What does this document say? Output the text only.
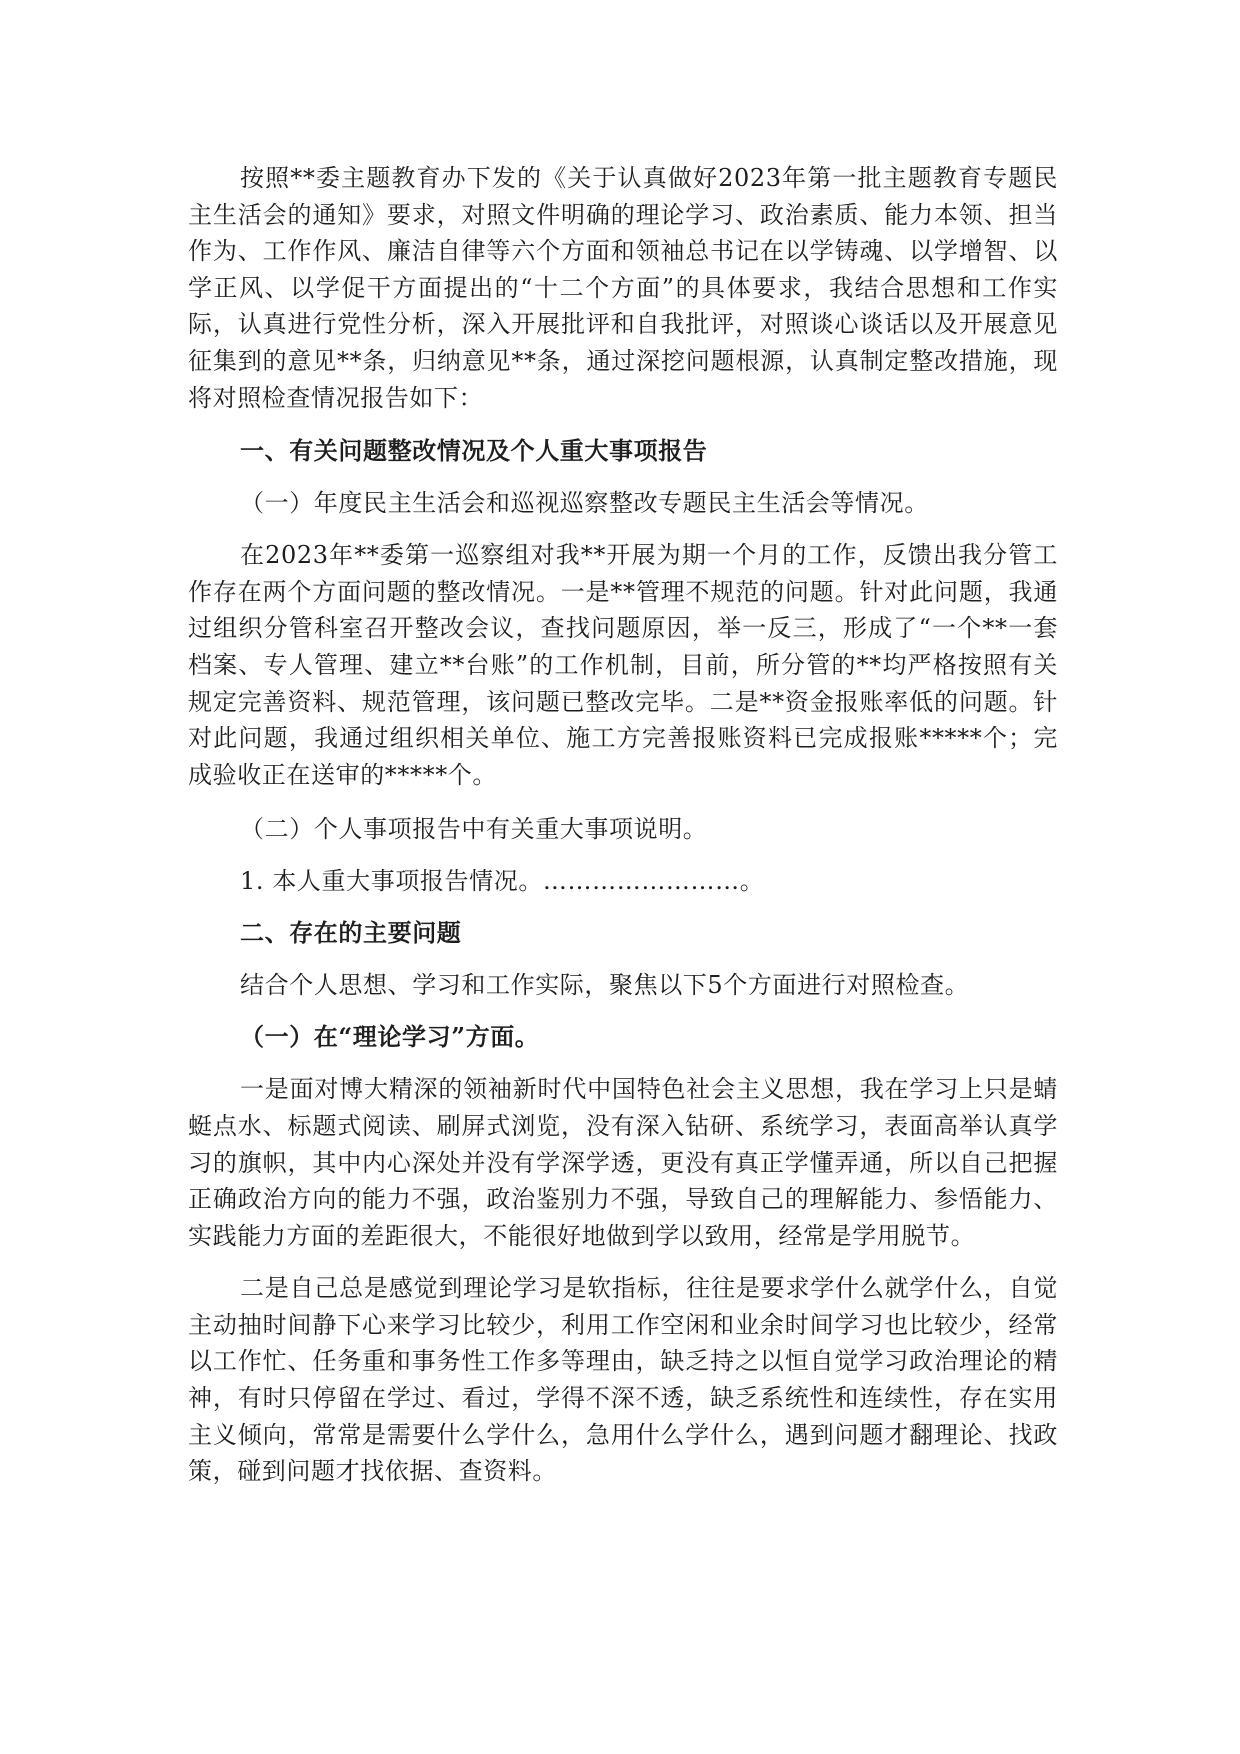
按照**委主题教育办下发的《关于认真做好2023年第一批主题教育专题民主生活会的通知》要求，对照文件明确的理论学习、政治素质、能力本领、担当作为、工作作风、廉洁自律等六个方面和领袖总书记在以学铸魂、以学增智、以学正风、以学促干方面提出的“十二个方面”的具体要求，我结合思想和工作实际，认真进行党性分析，深入开展批评和自我批评，对照谈心谈话以及开展意见征集到的意见**条，归纳意见**条，通过深挖问题根源，认真制定整改措施，现将对照检查情况报告如下：

一、有关问题整改情况及个人重大事项报告

（一）年度民主生活会和巡视巡察整改专题民主生活会等情况。

在2023年**委第一巡察组对我**开展为期一个月的工作，反馈出我分管工作存在两个方面问题的整改情况。一是**管理不规范的问题。针对此问题，我通过组织分管科室召开整改会议，查找问题原因，举一反三，形成了“一个**一套档案、专人管理、建立**台账”的工作机制，目前，所分管的**均严格按照有关规定完善资料、规范管理，该问题已整改完毕。二是**资金报账率低的问题。针对此问题，我通过组织相关单位、施工方完善报账资料已完成报账*****个；完成验收正在送审的*****个。

（二）个人事项报告中有关重大事项说明。

1. 本人重大事项报告情况。……………………。

二、存在的主要问题

结合个人思想、学习和工作实际，聚焦以下5个方面进行对照检查。

（一）在“理论学习”方面。

一是面对博大精深的领袖新时代中国特色社会主义思想，我在学习上只是蜻蜓点水、标题式阅读、刷屏式浏览，没有深入钻研、系统学习，表面高举认真学习的旗帜，其中内心深处并没有学深学透，更没有真正学懂弄通，所以自己把握正确政治方向的能力不强，政治鉴别力不强，导致自己的理解能力、参悟能力、实践能力方面的差距很大，不能很好地做到学以致用，经常是学用脱节。

二是自己总是感觉到理论学习是软指标，往往是要求学什么就学什么，自觉主动抽时间静下心来学习比较少，利用工作空闲和业余时间学习也比较少，经常以工作忙、任务重和事务性工作多等理由，缺乏持之以恒自觉学习政治理论的精神，有时只停留在学过、看过，学得不深不透，缺乏系统性和连续性，存在实用主义倾向，常常是需要什么学什么，急用什么学什么，遇到问题才翻理论、找政策，碰到问题才找依据、查资料。
